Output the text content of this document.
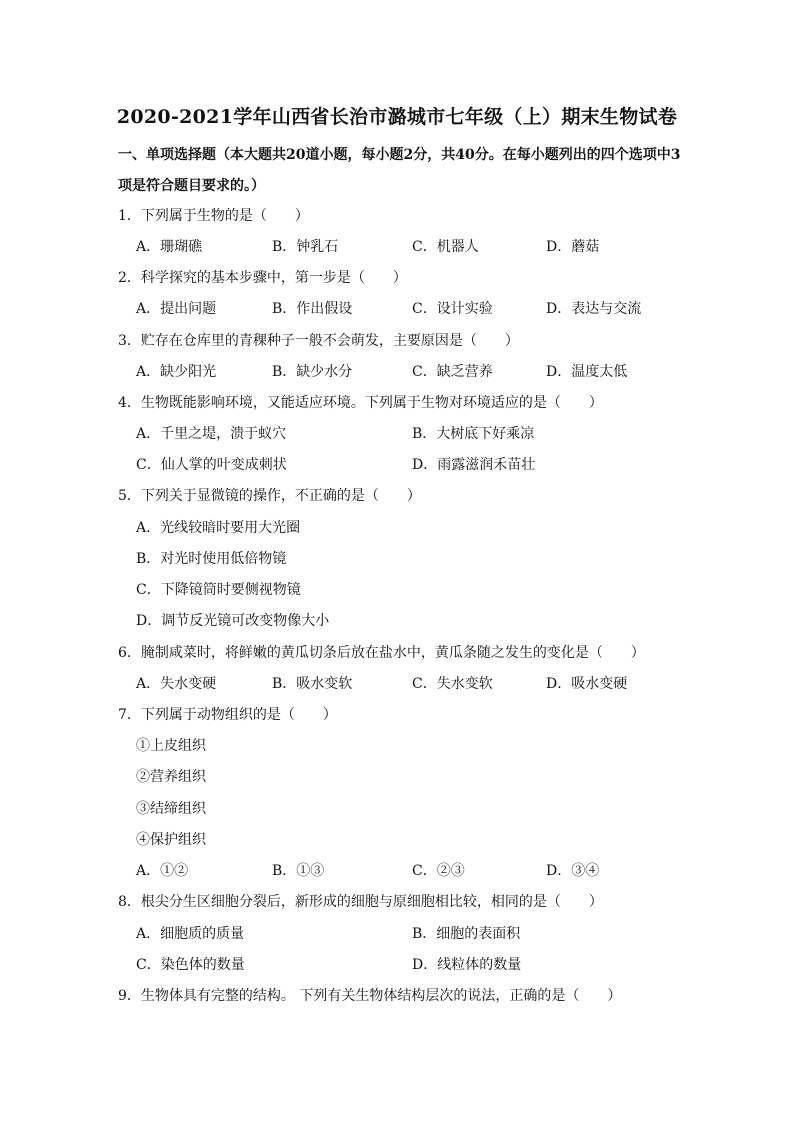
2020-2021学年山西省长治市潞城市七年级（上）期末生物试卷
一、单项选择题（本大题共20道小题，每小题2分，共40分。在每小题列出的四个选项中3项是符合题目要求的。）
1．下列属于生物的是（　　）
A．珊瑚礁	B．钟乳石	C．机器人	D．蘑菇
2．科学探究的基本步骤中，第一步是（　　）
A．提出问题	B．作出假设	C．设计实验	D．表达与交流
3．贮存在仓库里的青稞种子一般不会萌发，主要原因是（　　）
A．缺少阳光	B．缺少水分	C．缺乏营养	D．温度太低
4．生物既能影响环境，又能适应环境。下列属于生物对环境适应的是（　　）
A．千里之堤，溃于蚁穴	B．大树底下好乘凉
C．仙人掌的叶变成刺状	D．雨露滋润禾苗壮
5．下列关于显微镜的操作，不正确的是（　　）
A．光线较暗时要用大光圈
B．对光时使用低倍物镜
C．下降镜筒时要侧视物镜
D．调节反光镜可改变物像大小
6．腌制咸菜时，将鲜嫩的黄瓜切条后放在盐水中，黄瓜条随之发生的变化是（　　）
A．失水变硬	B．吸水变软	C．失水变软	D．吸水变硬
7．下列属于动物组织的是（　　）
①上皮组织
②营养组织
③结缔组织
④保护组织
A．①②	B．①③	C．②③	D．③④
8．根尖分生区细胞分裂后，新形成的细胞与原细胞相比较，相同的是（　　）
A．细胞质的质量	B．细胞的表面积
C．染色体的数量	D．线粒体的数量
9．生物体具有完整的结构。 下列有关生物体结构层次的说法，正确的是（　　）
